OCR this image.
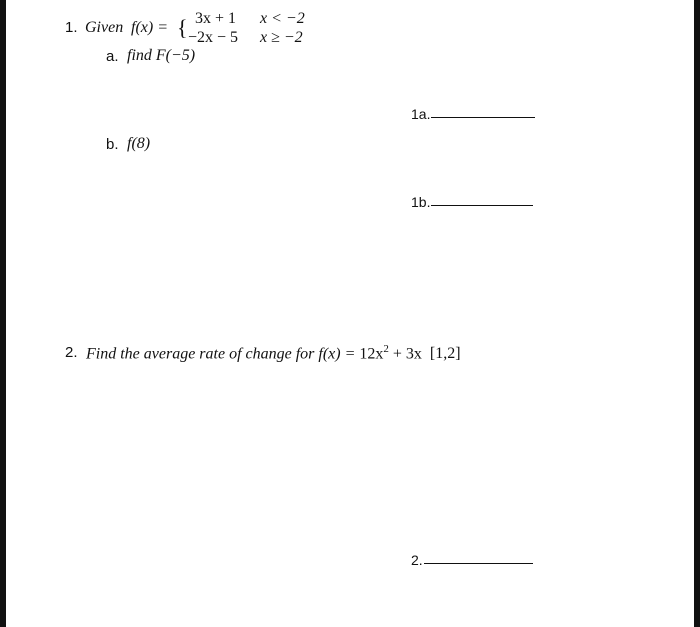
1. Given f(x) = { 3x + 1 x < −2
−2x − 5 x ≥ −2
a. find F(−5)
1a.
b. f(8)
1b.
2. Find the average rate of change for $f(x) = 12x^2 + 3x$ [1,2]
2.
